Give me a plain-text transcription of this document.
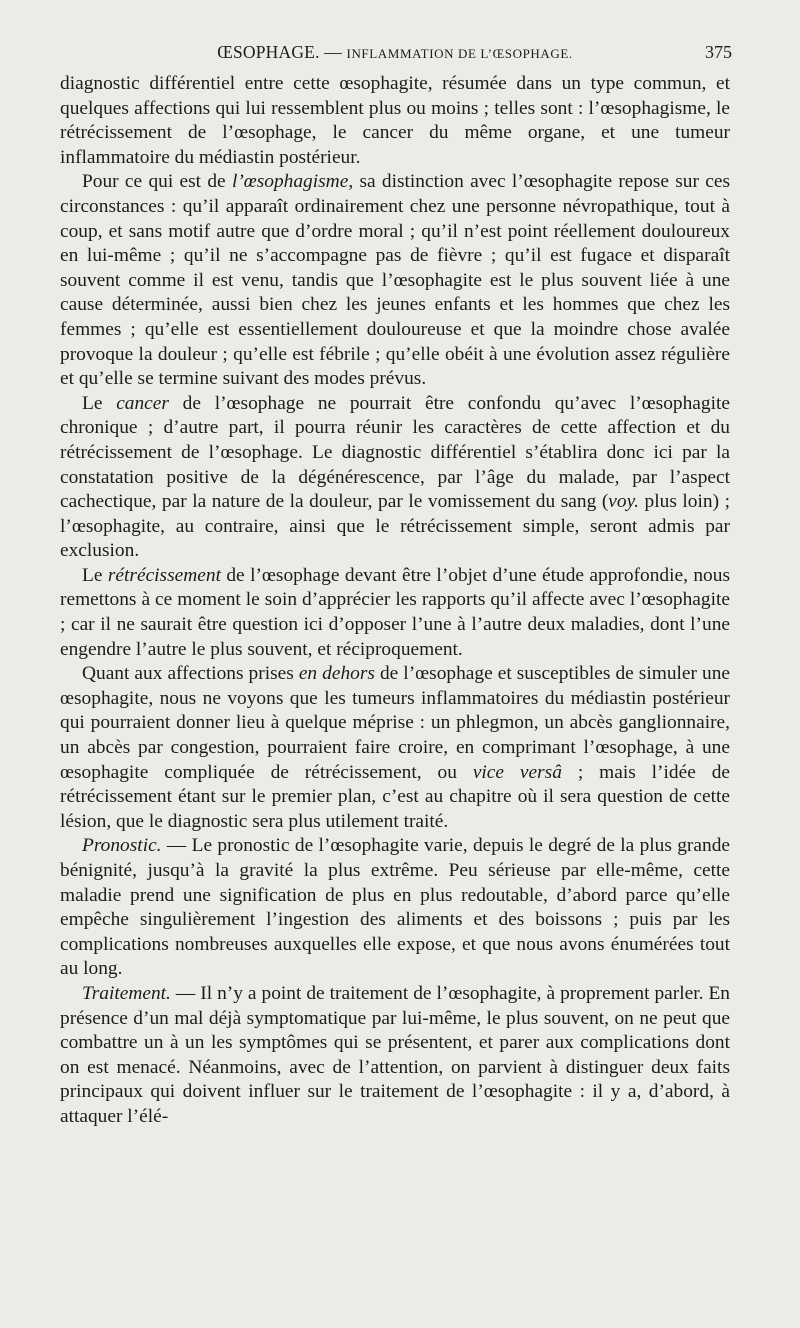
ŒSOPHAGE. — INFLAMMATION DE L’ŒSOPHAGE.	375

diagnostic différentiel entre cette œsophagite, résumée dans un type commun, et quelques affections qui lui ressemblent plus ou moins ; telles sont : l’œsophagisme, le rétrécissement de l’œsophage, le cancer du même organe, et une tumeur inflammatoire du médiastin postérieur.

Pour ce qui est de l’œsophagisme, sa distinction avec l’œsophagite repose sur ces circonstances : qu’il apparaît ordinairement chez une personne névropathique, tout à coup, et sans motif autre que d’ordre moral ; qu’il n’est point réellement douloureux en lui-même ; qu’il ne s’accompagne pas de fièvre ; qu’il est fugace et disparaît souvent comme il est venu, tandis que l’œsophagite est le plus souvent liée à une cause déterminée, aussi bien chez les jeunes enfants et les hommes que chez les femmes ; qu’elle est essentiellement douloureuse et que la moindre chose avalée provoque la douleur ; qu’elle est fébrile ; qu’elle obéit à une évolution assez régulière et qu’elle se termine suivant des modes prévus.

Le cancer de l’œsophage ne pourrait être confondu qu’avec l’œsophagite chronique ; d’autre part, il pourra réunir les caractères de cette affection et du rétrécissement de l’œsophage. Le diagnostic différentiel s’établira donc ici par la constatation positive de la dégénérescence, par l’âge du malade, par l’aspect cachectique, par la nature de la douleur, par le vomissement du sang (voy. plus loin) ; l’œsophagite, au contraire, ainsi que le rétrécissement simple, seront admis par exclusion.

Le rétrécissement de l’œsophage devant être l’objet d’une étude approfondie, nous remettons à ce moment le soin d’apprécier les rapports qu’il affecte avec l’œsophagite ; car il ne saurait être question ici d’opposer l’une à l’autre deux maladies, dont l’une engendre l’autre le plus souvent, et réciproquement.

Quant aux affections prises en dehors de l’œsophage et susceptibles de simuler une œsophagite, nous ne voyons que les tumeurs inflammatoires du médiastin postérieur qui pourraient donner lieu à quelque méprise : un phlegmon, un abcès ganglionnaire, un abcès par congestion, pourraient faire croire, en comprimant l’œsophage, à une œsophagite compliquée de rétrécissement, ou vice versâ ; mais l’idée de rétrécissement étant sur le premier plan, c’est au chapitre où il sera question de cette lésion, que le diagnostic sera plus utilement traité.

Pronostic. — Le pronostic de l’œsophagite varie, depuis le degré de la plus grande bénignité, jusqu’à la gravité la plus extrême. Peu sérieuse par elle-même, cette maladie prend une signification de plus en plus redoutable, d’abord parce qu’elle empêche singulièrement l’ingestion des aliments et des boissons ; puis par les complications nombreuses auxquelles elle expose, et que nous avons énumérées tout au long.

Traitement. — Il n’y a point de traitement de l’œsophagite, à proprement parler. En présence d’un mal déjà symptomatique par lui-même, le plus souvent, on ne peut que combattre un à un les symptômes qui se présentent, et parer aux complications dont on est menacé. Néanmoins, avec de l’attention, on parvient à distinguer deux faits principaux qui doivent influer sur le traitement de l’œsophagite : il y a, d’abord, à attaquer l’élé-
